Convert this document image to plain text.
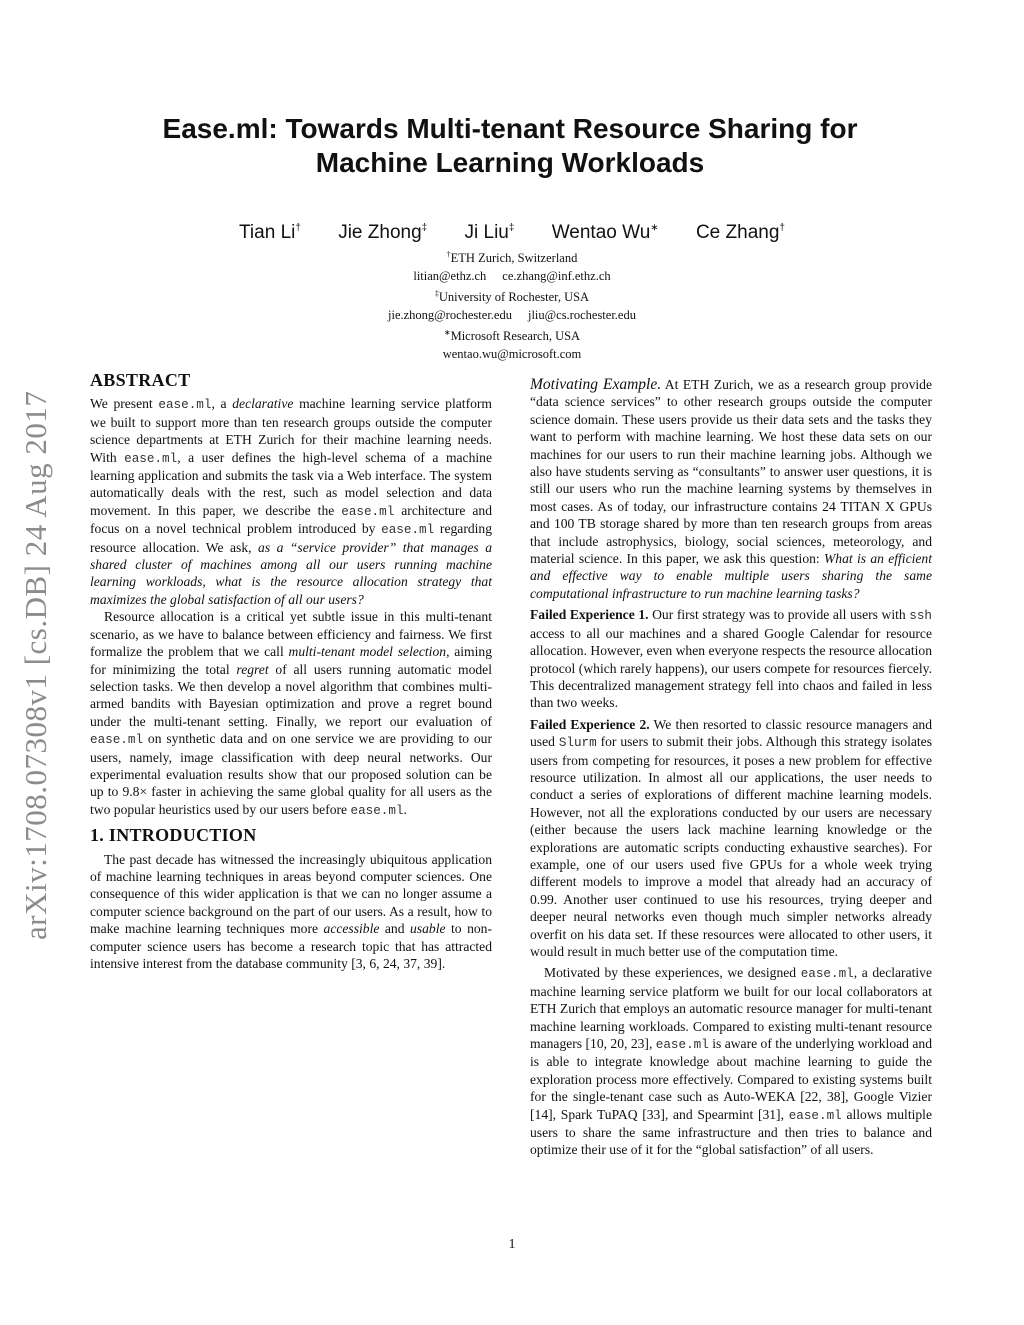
arXiv:1708.07308v1 [cs.DB] 24 Aug 2017
Ease.ml: Towards Multi-tenant Resource Sharing for
Machine Learning Workloads
Tian Li† Jie Zhong‡ Ji Liu‡ Wentao Wu∗ Ce Zhang†
†ETH Zurich, Switzerland
litian@ethz.ch ce.zhang@inf.ethz.ch
‡University of Rochester, USA
jie.zhong@rochester.edu jliu@cs.rochester.edu
∗Microsoft Research, USA
wentao.wu@microsoft.com
ABSTRACT

We present ease.ml, a declarative machine learning service platform we built to support more than ten research groups outside the computer science departments at ETH Zurich for their machine learning needs. With ease.ml, a user defines the high-level schema of a machine learning application and submits the task via a Web interface. The system automatically deals with the rest, such as model selection and data movement. In this paper, we describe the ease.ml architecture and focus on a novel technical problem introduced by ease.ml regarding resource allocation. We ask, as a “service provider” that manages a shared cluster of machines among all our users running machine learning workloads, what is the resource allocation strategy that maximizes the global satisfaction of all our users?

Resource allocation is a critical yet subtle issue in this multi-tenant scenario, as we have to balance between efficiency and fairness. We first formalize the problem that we call multi-tenant model selection, aiming for minimizing the total regret of all users running automatic model selection tasks. We then develop a novel algorithm that combines multi-armed bandits with Bayesian optimization and prove a regret bound under the multi-tenant setting. Finally, we report our evaluation of ease.ml on synthetic data and on one service we are providing to our users, namely, image classification with deep neural networks. Our experimental evaluation results show that our proposed solution can be up to 9.8× faster in achieving the same global quality for all users as the two popular heuristics used by our users before ease.ml.

1. INTRODUCTION

The past decade has witnessed the increasingly ubiquitous application of machine learning techniques in areas beyond computer sciences. One consequence of this wider application is that we can no longer assume a computer science background on the part of our users. As a result, how to make machine learning techniques more accessible and usable to non-computer science users has become a research topic that has attracted intensive interest from the database community [3, 6, 24, 37, 39].

Motivating Example. At ETH Zurich, we as a research group provide “data science services” to other research groups outside the computer science domain. These users provide us their data sets and the tasks they want to perform with machine learning. We host these data sets on our machines for our users to run their machine learning jobs. Although we also have students serving as “consultants” to answer user questions, it is still our users who run the machine learning systems by themselves in most cases. As of today, our infrastructure contains 24 TITAN X GPUs and 100 TB storage shared by more than ten research groups from areas that include astrophysics, biology, social sciences, meteorology, and material science. In this paper, we ask this question: What is an efficient and effective way to enable multiple users sharing the same computational infrastructure to run machine learning tasks?

Failed Experience 1. Our first strategy was to provide all users with ssh access to all our machines and a shared Google Calendar for resource allocation. However, even when everyone respects the resource allocation protocol (which rarely happens), our users compete for resources fiercely. This decentralized management strategy fell into chaos and failed in less than two weeks.

Failed Experience 2. We then resorted to classic resource managers and used Slurm for users to submit their jobs. Although this strategy isolates users from competing for resources, it poses a new problem for effective resource utilization. In almost all our applications, the user needs to conduct a series of explorations of different machine learning models. However, not all the explorations conducted by our users are necessary (either because the users lack machine learning knowledge or the explorations are automatic scripts conducting exhaustive searches). For example, one of our users used five GPUs for a whole week trying different models to improve a model that already had an accuracy of 0.99. Another user continued to use his resources, trying deeper and deeper neural networks even though much simpler networks already overfit on his data set. If these resources were allocated to other users, it would result in much better use of the computation time.

Motivated by these experiences, we designed ease.ml, a declarative machine learning service platform we built for our local collaborators at ETH Zurich that employs an automatic resource manager for multi-tenant machine learning workloads. Compared to existing multi-tenant resource managers [10, 20, 23], ease.ml is aware of the underlying workload and is able to integrate knowledge about machine learning to guide the exploration process more effectively. Compared to existing systems built for the single-tenant case such as Auto-WEKA [22, 38], Google Vizier [14], Spark TuPAQ [33], and Spearmint [31], ease.ml allows multiple users to share the same infrastructure and then tries to balance and optimize their use of it for the “global satisfaction” of all users.

1
